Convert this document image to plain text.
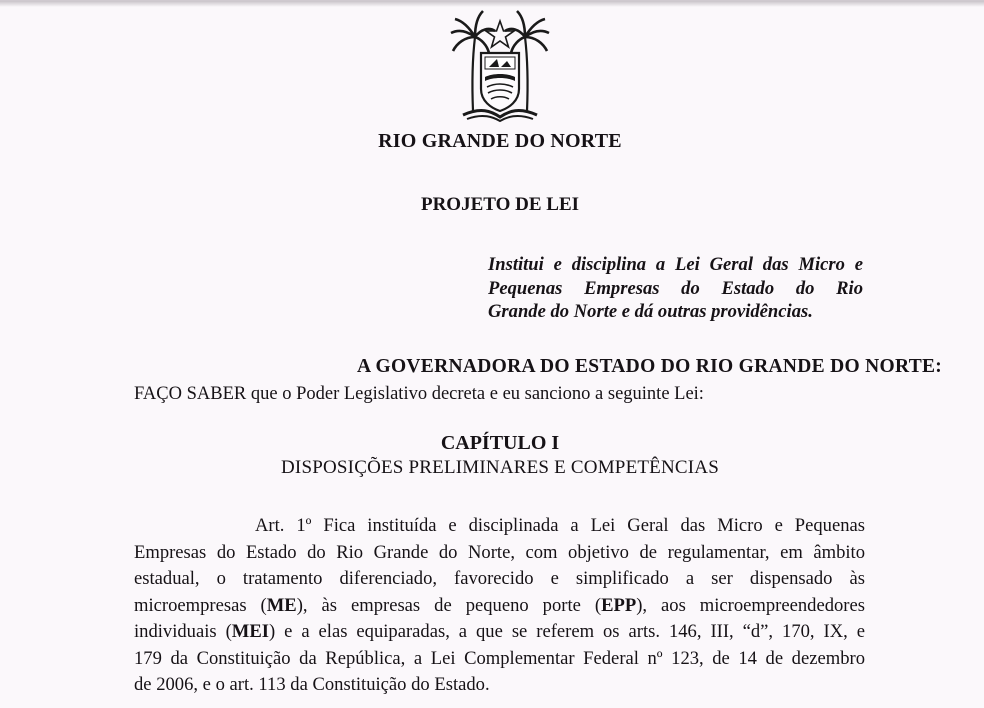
RIO GRANDE DO NORTE
PROJETO DE LEI
Institui e disciplina a Lei Geral das Micro e
Pequenas Empresas do Estado do Rio
Grande do Norte e dá outras providências.
A GOVERNADORA DO ESTADO DO RIO GRANDE DO NORTE:
FAÇO SABER que o Poder Legislativo decreta e eu sanciono a seguinte Lei:
CAPÍTULO I
DISPOSIÇÕES PRELIMINARES E COMPETÊNCIAS
Art. 1º Fica instituída e disciplinada a Lei Geral das Micro e Pequenas
Empresas do Estado do Rio Grande do Norte, com objetivo de regulamentar, em âmbito
estadual, o tratamento diferenciado, favorecido e simplificado a ser dispensado às
microempresas (ME), às empresas de pequeno porte (EPP), aos microempreendedores
individuais (MEI) e a elas equiparadas, a que se referem os arts. 146, III, “d”, 170, IX, e
179 da Constituição da República, a Lei Complementar Federal nº 123, de 14 de dezembro
de 2006, e o art. 113 da Constituição do Estado.
